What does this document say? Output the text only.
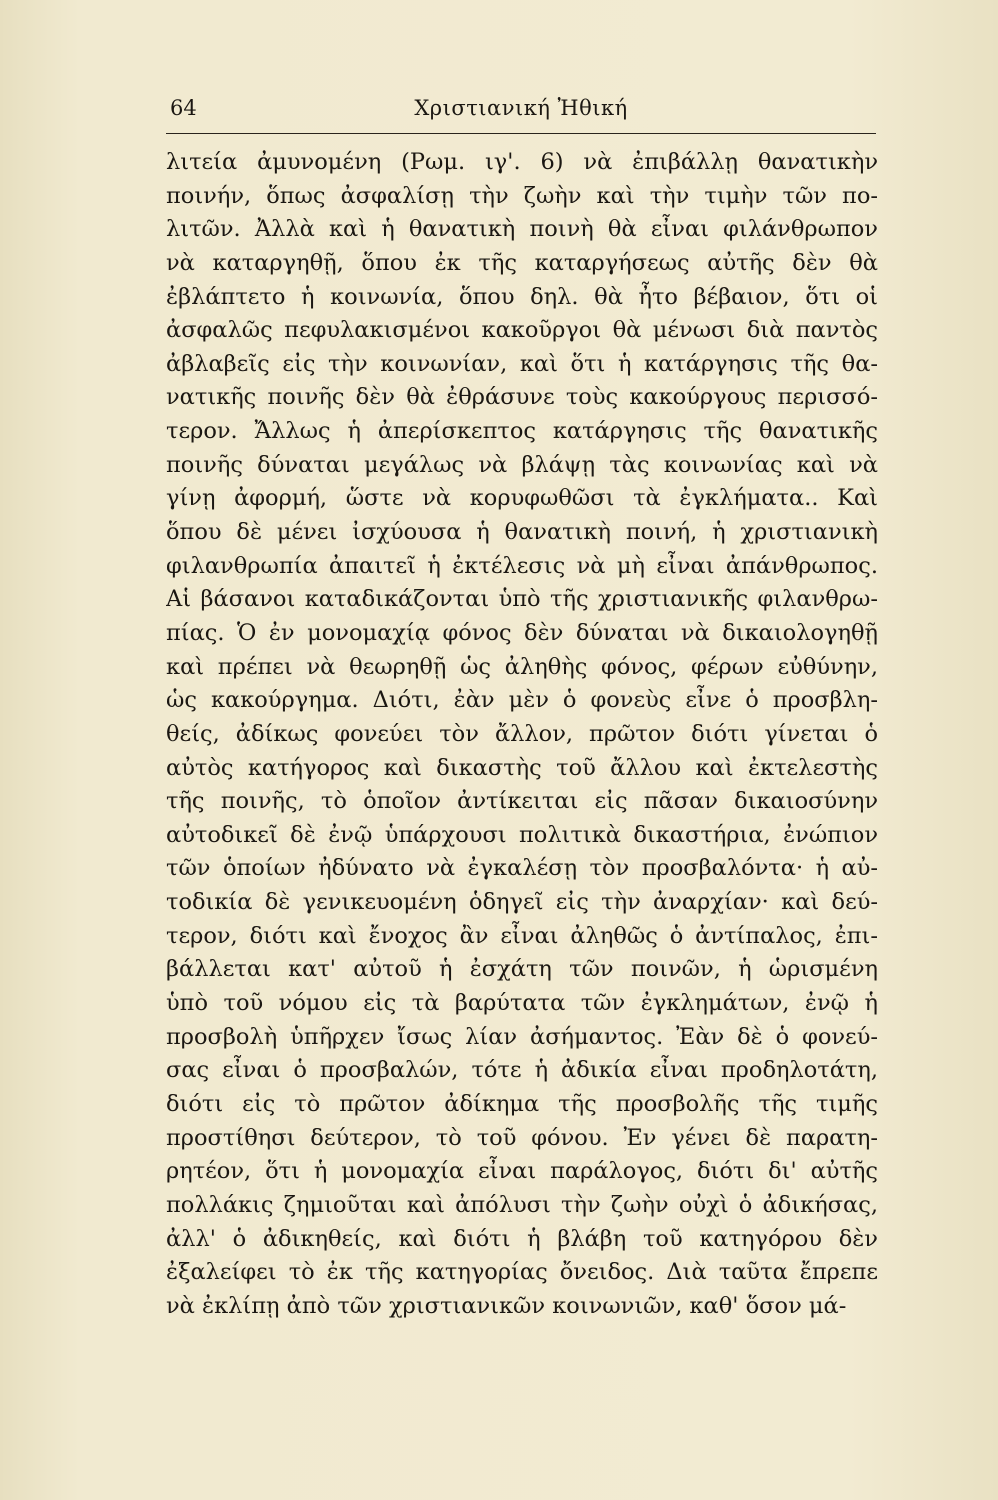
64	Χριστιανική Ἠθική
λιτεία ἀμυνομένη (Ρωμ. ιγ'. 6) νὰ ἐπιβάλλῃ θανατικὴν
ποινήν, ὅπως ἀσφαλίσῃ τὴν ζωὴν καὶ τὴν τιμὴν τῶν πο-
λιτῶν. Ἀλλὰ καὶ ἡ θανατικὴ ποινὴ θὰ εἶναι φιλάνθρωπον
νὰ καταργηθῇ, ὅπου ἐκ τῆς καταργήσεως αὐτῆς δὲν θὰ
ἐβλάπτετο ἡ κοινωνία, ὅπου δηλ. θὰ ἦτο βέβαιον, ὅτι οἱ
ἀσφαλῶς πεφυλακισμένοι κακοῦργοι θὰ μένωσι διὰ παντὸς
ἀβλαβεῖς εἰς τὴν κοινωνίαν, καὶ ὅτι ἡ κατάργησις τῆς θα-
νατικῆς ποινῆς δὲν θὰ ἐθράσυνε τοὺς κακούργους περισσό-
τερον. Ἄλλως ἡ ἀπερίσκεπτος κατάργησις τῆς θανατικῆς
ποινῆς δύναται μεγάλως νὰ βλάψῃ τὰς κοινωνίας καὶ νὰ
γίνῃ ἀφορμή, ὥστε νὰ κορυφωθῶσι τὰ ἐγκλήματα.. Καὶ
ὅπου δὲ μένει ἰσχύουσα ἡ θανατικὴ ποινή, ἡ χριστιανικὴ
φιλανθρωπία ἀπαιτεῖ ἡ ἐκτέλεσις νὰ μὴ εἶναι ἀπάνθρωπος.
Αἱ βάσανοι καταδικάζονται ὑπὸ τῆς χριστιανικῆς φιλανθρω-
πίας. Ὁ ἐν μονομαχίᾳ φόνος δὲν δύναται νὰ δικαιολογηθῇ
καὶ πρέπει νὰ θεωρηθῇ ὡς ἀληθὴς φόνος, φέρων εὐθύνην,
ὡς κακούργημα. Διότι, ἐὰν μὲν ὁ φονεὺς εἶνε ὁ προσβλη-
θείς, ἀδίκως φονεύει τὸν ἄλλον, πρῶτον διότι γίνεται ὁ
αὐτὸς κατήγορος καὶ δικαστὴς τοῦ ἄλλου καὶ ἐκτελεστὴς
τῆς ποινῆς, τὸ ὁποῖον ἀντίκειται εἰς πᾶσαν δικαιοσύνην
αὐτοδικεῖ δὲ ἐνῷ ὑπάρχουσι πολιτικὰ δικαστήρια, ἐνώπιον
τῶν ὁποίων ἠδύνατο νὰ ἐγκαλέσῃ τὸν προσβαλόντα· ἡ αὐ-
τοδικία δὲ γενικευομένη ὁδηγεῖ εἰς τὴν ἀναρχίαν· καὶ δεύ-
τερον, διότι καὶ ἔνοχος ἂν εἶναι ἀληθῶς ὁ ἀντίπαλος, ἐπι-
βάλλεται κατ' αὐτοῦ ἡ ἐσχάτη τῶν ποινῶν, ἡ ὡρισμένη
ὑπὸ τοῦ νόμου εἰς τὰ βαρύτατα τῶν ἐγκλημάτων, ἐνῷ ἡ
προσβολὴ ὑπῆρχεν ἴσως λίαν ἀσήμαντος. Ἐὰν δὲ ὁ φονεύ-
σας εἶναι ὁ προσβαλών, τότε ἡ ἀδικία εἶναι προδηλοτάτη,
διότι εἰς τὸ πρῶτον ἀδίκημα τῆς προσβολῆς τῆς τιμῆς
προστίθησι δεύτερον, τὸ τοῦ φόνου. Ἐν γένει δὲ παρατη-
ρητέον, ὅτι ἡ μονομαχία εἶναι παράλογος, διότι δι' αὐτῆς
πολλάκις ζημιοῦται καὶ ἀπόλυσι τὴν ζωὴν οὐχὶ ὁ ἀδικήσας,
ἀλλ' ὁ ἀδικηθείς, καὶ διότι ἡ βλάβη τοῦ κατηγόρου δὲν
ἐξαλείφει τὸ ἐκ τῆς κατηγορίας ὄνειδος. Διὰ ταῦτα ἔπρεπε
νὰ ἐκλίπῃ ἀπὸ τῶν χριστιανικῶν κοινωνιῶν, καθ' ὅσον μά-
